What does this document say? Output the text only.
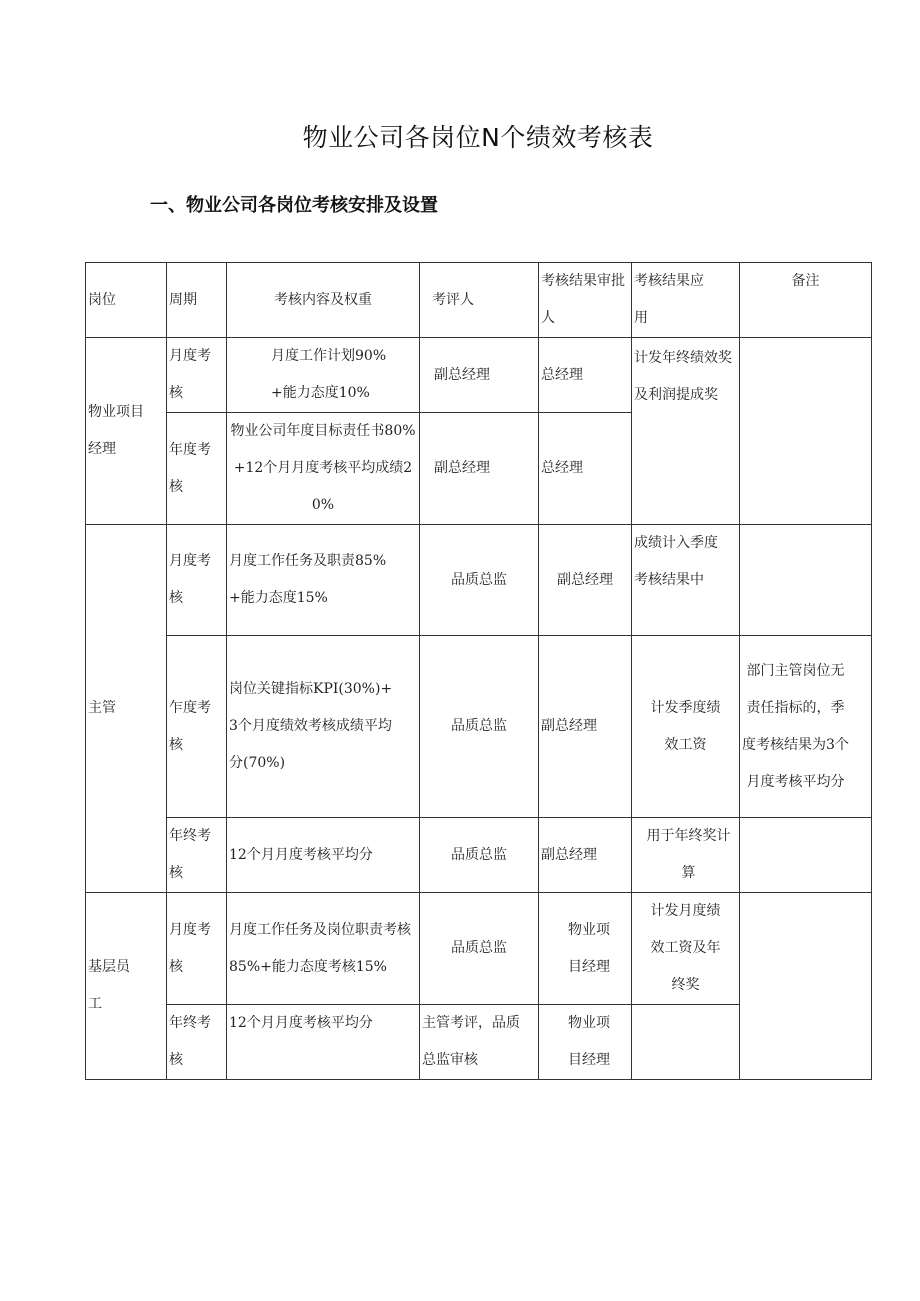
物业公司各岗位N个绩效考核表
一、物业公司各岗位考核安排及设置
岗位	周期	考核内容及权重	考评人	考核结果审批人	考核结果应用	备注
物业项目经理	月度考核	月度工作计划90%+能力态度10%	副总经理	总经理	计发年终绩效奖及利润提成奖	
	年度考核	物业公司年度目标责任书80%+12个月月度考核平均成绩20%	副总经理	总经理		
主管	月度考核	月度工作任务及职责85%+能力态度15%	品质总监	副总经理	成绩计入季度考核结果中	
	乍度考核	岗位关键指标KPI(30%)+3个月度绩效考核成绩平均分(70%)	品质总监	副总经理	计发季度绩效工资	部门主管岗位无责任指标的，季度考核结果为3个月度考核平均分
	年终考核	12个月月度考核平均分	品质总监	副总经理	用于年终奖计算	
基层员工	月度考核	月度工作任务及岗位职责考核85%+能力态度考核15%	品质总监	物业项目经理	计发月度绩效工资及年终奖	
	年终考核	12个月月度考核平均分	主管考评，品质总监审核	物业项目经理		
